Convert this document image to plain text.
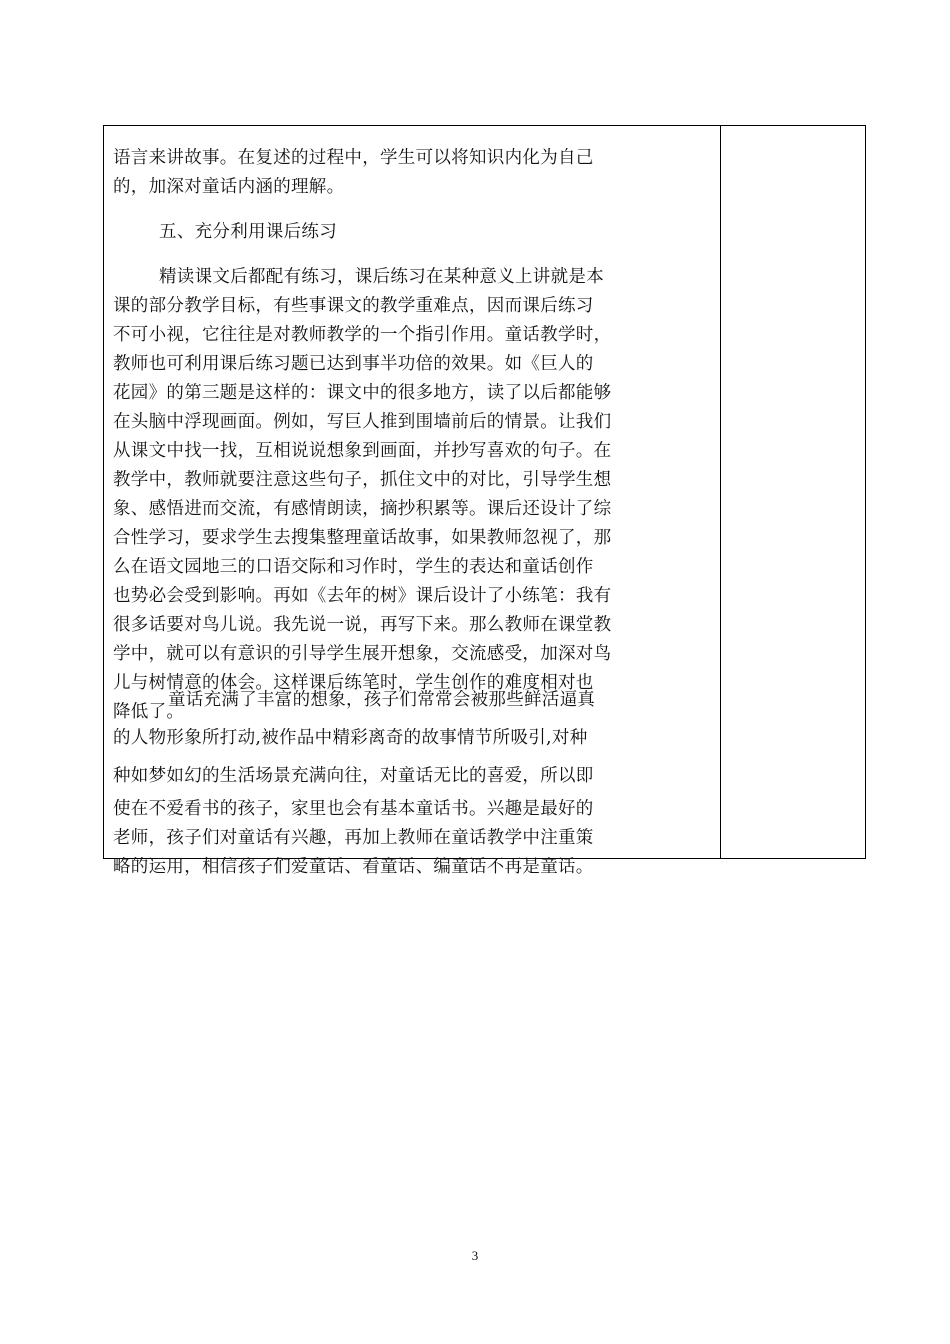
语言来讲故事。在复述的过程中，学生可以将知识内化为自己
的，加深对童话内涵的理解。

五、充分利用课后练习

精读课文后都配有练习，课后练习在某种意义上讲就是本
课的部分教学目标，有些事课文的教学重难点，因而课后练习
不可小视，它往往是对教师教学的一个指引作用。童话教学时，
教师也可利用课后练习题已达到事半功倍的效果。如《巨人的
花园》的第三题是这样的：课文中的很多地方，读了以后都能够
在头脑中浮现画面。例如，写巨人推到围墙前后的情景。让我们
从课文中找一找，互相说说想象到画面，并抄写喜欢的句子。在
教学中，教师就要注意这些句子，抓住文中的对比，引导学生想
象、感悟进而交流，有感情朗读，摘抄积累等。课后还设计了综
合性学习，要求学生去搜集整理童话故事，如果教师忽视了，那
么在语文园地三的口语交际和习作时，学生的表达和童话创作
也势必会受到影响。再如《去年的树》课后设计了小练笔：我有
很多话要对鸟儿说。我先说一说，再写下来。那么教师在课堂教
学中，就可以有意识的引导学生展开想象，交流感受，加深对鸟
儿与树情意的体会。这样课后练笔时，学生创作的难度相对也
降低了。

童话充满了丰富的想象，孩子们常常会被那些鲜活逼真
的人物形象所打动,被作品中精彩离奇的故事情节所吸引,对种
种如梦如幻的生活场景充满向往，对童话无比的喜爱，所以即
使在不爱看书的孩子，家里也会有基本童话书。兴趣是最好的
老师，孩子们对童话有兴趣，再加上教师在童话教学中注重策
略的运用，相信孩子们爱童话、看童话、编童话不再是童话。

3
